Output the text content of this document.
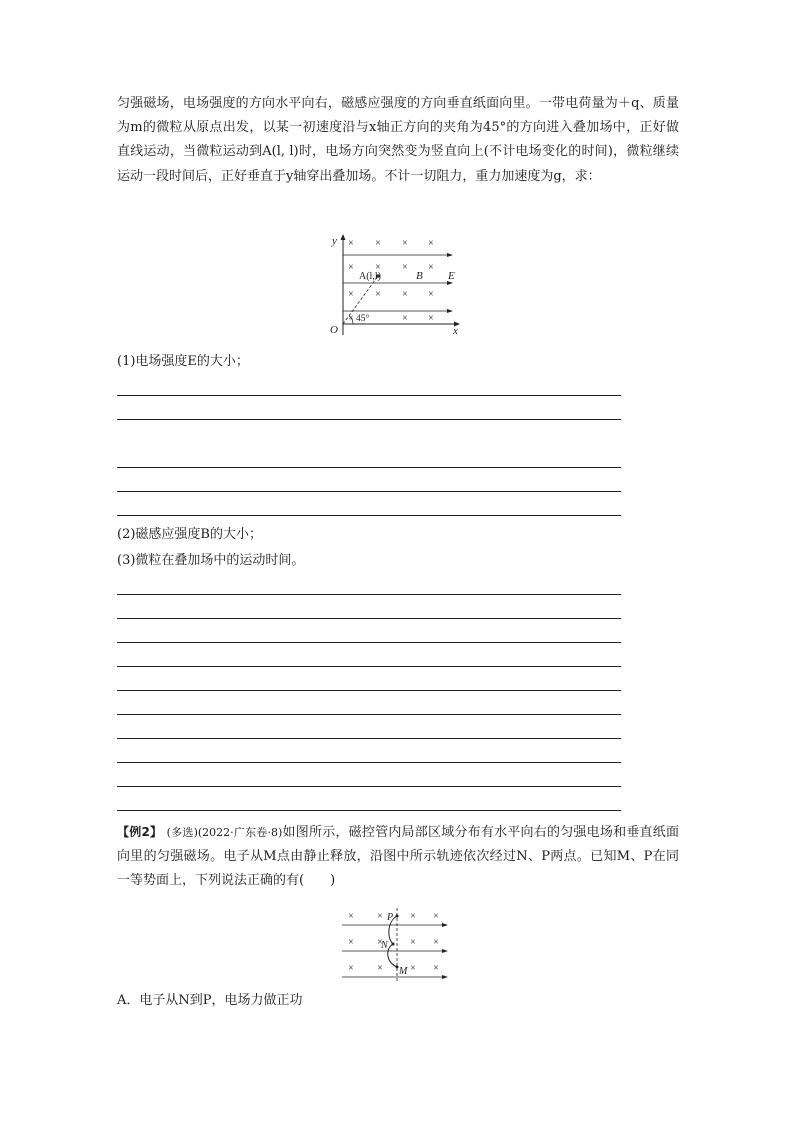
匀强磁场，电场强度的方向水平向右，磁感应强度的方向垂直纸面向里。一带电荷量为＋q、质量为m的微粒从原点出发，以某一初速度沿与x轴正方向的夹角为45°的方向进入叠加场中，正好做直线运动，当微粒运动到A(l, l)时，电场方向突然变为竖直向上(不计电场变化的时间)，微粒继续运动一段时间后，正好垂直于y轴穿出叠加场。不计一切阻力，重力加速度为g，求：
× × × ×
× × × ×
× × × ×
×	× ×
y
x
O
A(l,l)	B E
45°
(1)电场强度E的大小；
(2)磁感应强度B的大小；
(3)微粒在叠加场中的运动时间。
【例2】 (多选)(2022·广东卷·8)如图所示，磁控管内局部区域分布有水平向右的匀强电场和垂直纸面向里的匀强磁场。电子从M点由静止释放，沿图中所示轨迹依次经过N、P两点。已知M、P在同一等势面上，下列说法正确的有(　　)
× ×	× ×
× ×	× ×
× ×	× ×
P
N
M
A．电子从N到P，电场力做正功
